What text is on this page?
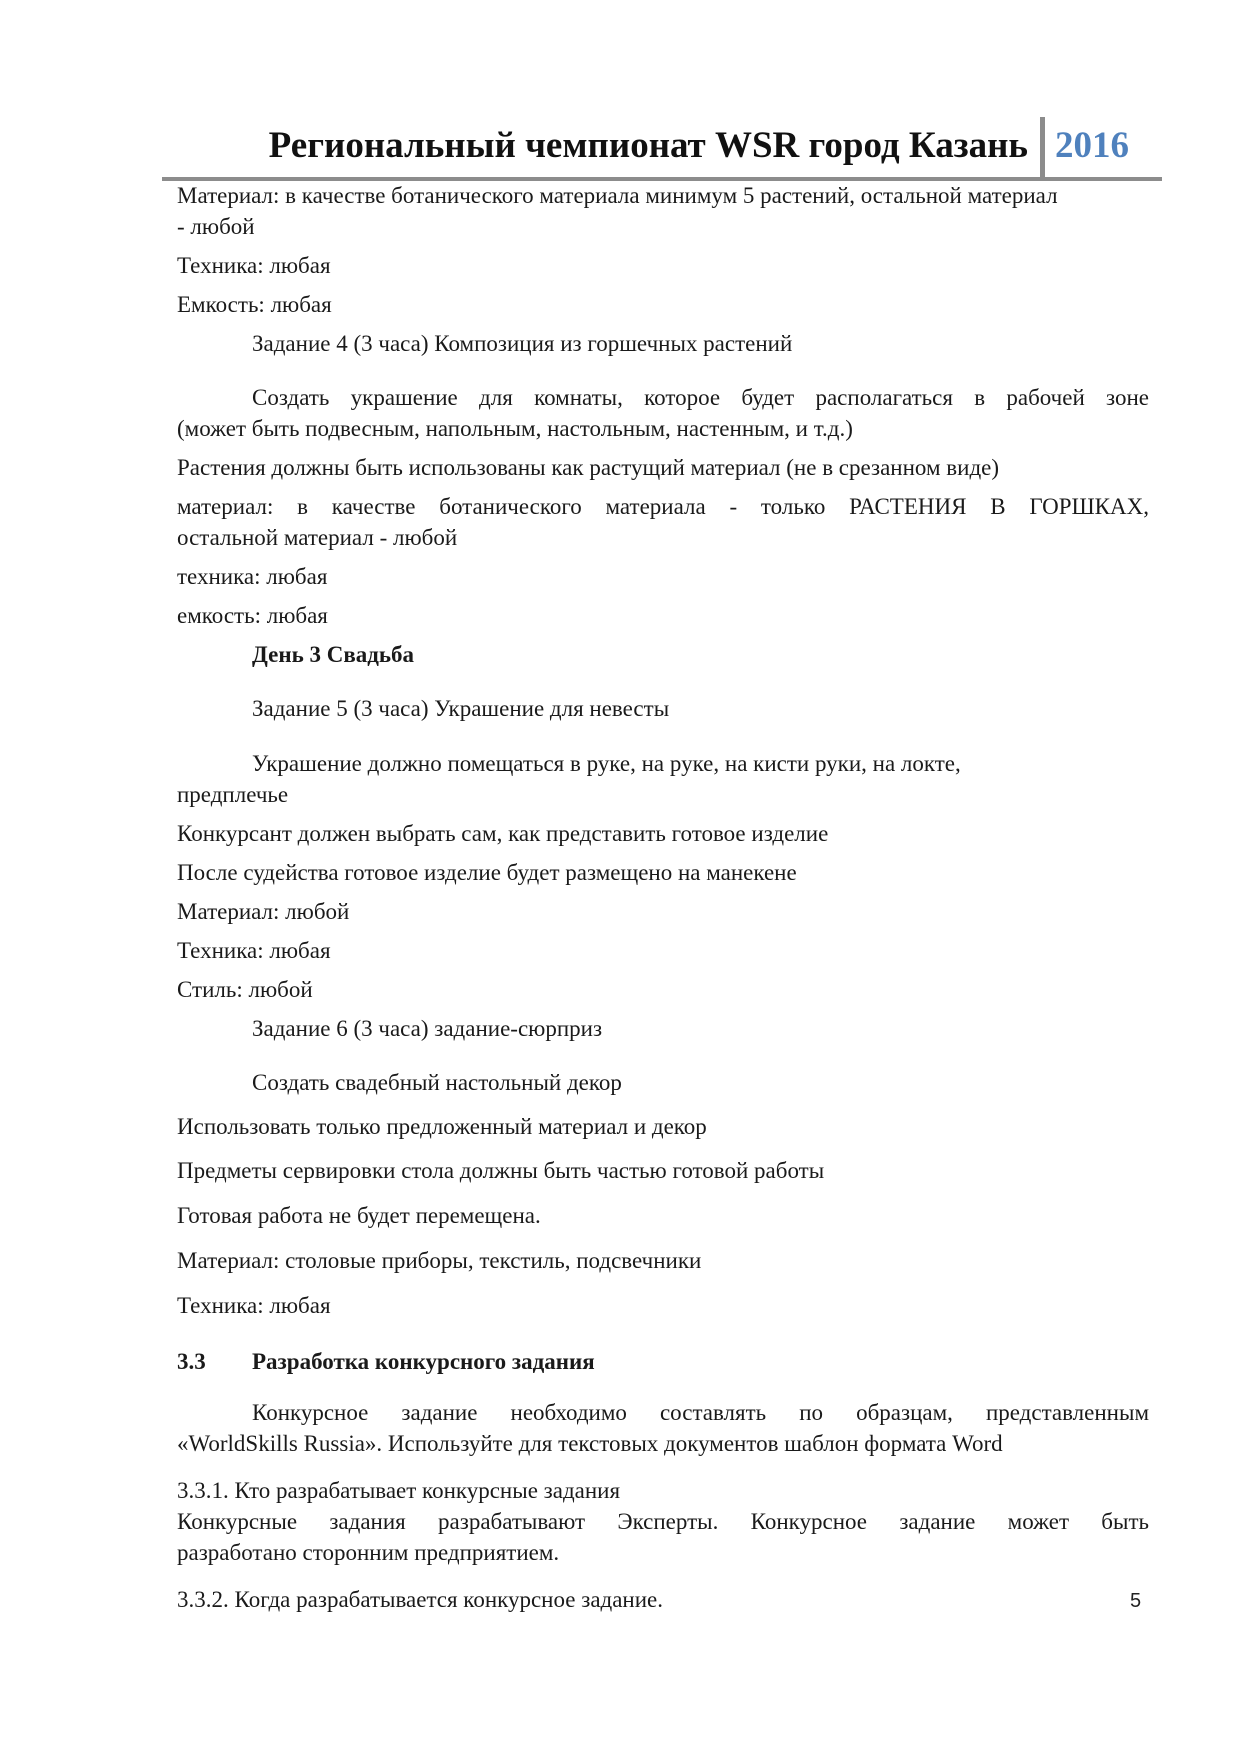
Региональный чемпионат WSR город Казань 2016
Материал: в качестве ботанического материала минимум 5 растений, остальной материал
- любой
Техника: любая
Емкость: любая
Задание 4 (3 часа) Композиция из горшечных растений
Создать украшение для комнаты, которое будет располагаться в рабочей зоне
(может быть подвесным, напольным, настольным, настенным, и т.д.)
Растения должны быть использованы как растущий материал (не в срезанном виде)
материал: в качестве ботанического материала - только РАСТЕНИЯ В ГОРШКАХ,
остальной материал - любой
техника: любая
емкость: любая
День 3 Свадьба
Задание 5 (3 часа) Украшение для невесты
Украшение должно помещаться в руке, на руке, на кисти руки, на локте,
предплечье
Конкурсант должен выбрать сам, как представить готовое изделие
После судейства готовое изделие будет размещено на манекене
Материал: любой
Техника: любая
Стиль: любой
Задание 6 (3 часа) задание-сюрприз
Создать свадебный настольный декор
Использовать только предложенный материал и декор
Предметы сервировки стола должны быть частью готовой работы
Готовая работа не будет перемещена.
Материал: столовые приборы, текстиль, подсвечники
Техника: любая
3.3 Разработка конкурсного задания
Конкурсное задание необходимо составлять по образцам, представленным
«WorldSkills Russia». Используйте для текстовых документов шаблон формата Word
3.3.1. Кто разрабатывает конкурсные задания
Конкурсные задания разрабатывают Эксперты. Конкурсное задание может быть
разработано сторонним предприятием.
3.3.2. Когда разрабатывается конкурсное задание.	5
